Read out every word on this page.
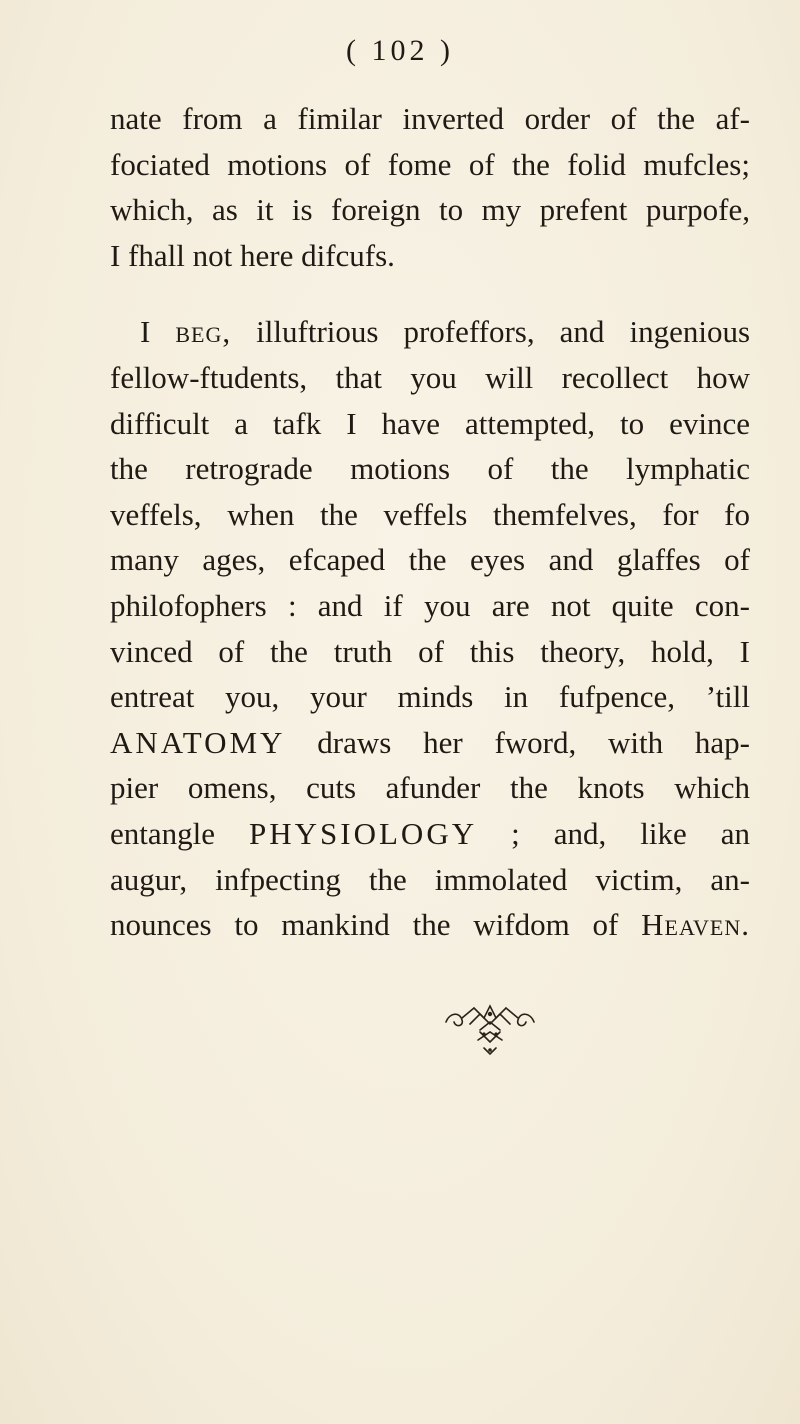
( 102 )
nate from a fimilar inverted order of the af-
fociated motions of fome of the folid mufcles;
which, as it is foreign to my prefent purpofe,
I fhall not here difcufs.
I beg, illuftrious profeffors, and ingenious
fellow-ftudents, that you will recollect how
difficult a tafk I have attempted, to evince
the retrograde motions of the lymphatic
veffels, when the veffels themfelves, for fo
many ages, efcaped the eyes and glaffes of
philofophers : and if you are not quite con-
vinced of the truth of this theory, hold, I
entreat you, your minds in fufpence, ’till
ANATOMY draws her fword, with hap-
pier omens, cuts afunder the knots which
entangle PHYSIOLOGY ; and, like an
augur, infpecting the immolated victim, an-
nounces to mankind the wifdom of Heaven.
